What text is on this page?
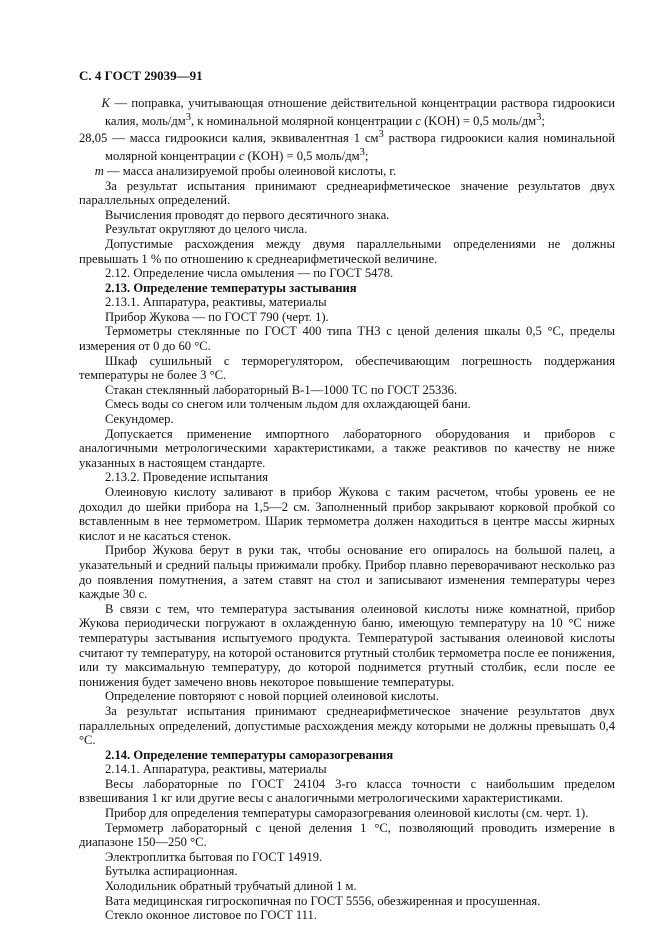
С. 4 ГОСТ 29039—91

K — поправка, учитывающая отношение действительной концентрации раствора гидроокиси калия, моль/$дм^3$, к номинальной молярной концентрации c (KOH) = 0,5 моль/$дм^3$;

28,05 — масса гидроокиси калия, эквивалентная 1 $см^3$ раствора гидроокиси калия номинальной молярной концентрации c (KOH) = 0,5 моль/$дм^3$;

m — масса анализируемой пробы олеиновой кислоты, г.

За результат испытания принимают среднеарифметическое значение результатов двух параллельных определений.

Вычисления проводят до первого десятичного знака.

Результат округляют до целого числа.

Допустимые расхождения между двумя параллельными определениями не должны превышать 1 % по отношению к среднеарифметической величине.

2.12. Определение числа омыления — по ГОСТ 5478.

2.13. Определение температуры застывания

2.13.1. Аппаратура, реактивы, материалы

Прибор Жукова — по ГОСТ 790 (черт. 1).

Термометры стеклянные по ГОСТ 400 типа ТН3 с ценой деления шкалы 0,5 °С, пределы измерения от 0 до 60 °С.

Шкаф сушильный с терморегулятором, обеспечивающим погрешность поддержания температуры не более 3 °С.

Стакан стеклянный лабораторный В-1—1000 ТС по ГОСТ 25336.

Смесь воды со снегом или толченым льдом для охлаждающей бани.

Секундомер.

Допускается применение импортного лабораторного оборудования и приборов с аналогичными метрологическими характеристиками, а также реактивов по качеству не ниже указанных в настоящем стандарте.

2.13.2. Проведение испытания

Олеиновую кислоту заливают в прибор Жукова с таким расчетом, чтобы уровень ее не доходил до шейки прибора на 1,5—2 см. Заполненный прибор закрывают корковой пробкой со вставленным в нее термометром. Шарик термометра должен находиться в центре массы жирных кислот и не касаться стенок.

Прибор Жукова берут в руки так, чтобы основание его опиралось на большой палец, а указательный и средний пальцы прижимали пробку. Прибор плавно переворачивают несколько раз до появления помутнения, а затем ставят на стол и записывают изменения температуры через каждые 30 с.

В связи с тем, что температура застывания олеиновой кислоты ниже комнатной, прибор Жукова периодически погружают в охлажденную баню, имеющую температуру на 10 °С ниже температуры застывания испытуемого продукта. Температурой застывания олеиновой кислоты считают ту температуру, на которой остановится ртутный столбик термометра после ее понижения, или ту максимальную температуру, до которой поднимется ртутный столбик, если после ее понижения будет замечено вновь некоторое повышение температуры.

Определение повторяют с новой порцией олеиновой кислоты.

За результат испытания принимают среднеарифметическое значение результатов двух параллельных определений, допустимые расхождения между которыми не должны превышать 0,4 °С.

2.14. Определение температуры саморазогревания

2.14.1. Аппаратура, реактивы, материалы

Весы лабораторные по ГОСТ 24104 3-го класса точности с наибольшим пределом взвешивания 1 кг или другие весы с аналогичными метрологическими характеристиками.

Прибор для определения температуры саморазогревания олеиновой кислоты (см. черт. 1).

Термометр лабораторный с ценой деления 1 °С, позволяющий проводить измерение в диапазоне 150—250 °С.

Электроплитка бытовая по ГОСТ 14919.

Бутылка аспирационная.

Холодильник обратный трубчатый длиной 1 м.

Вата медицинская гигроскопичная по ГОСТ 5556, обезжиренная и просушенная.

Стекло оконное листовое по ГОСТ 111.
